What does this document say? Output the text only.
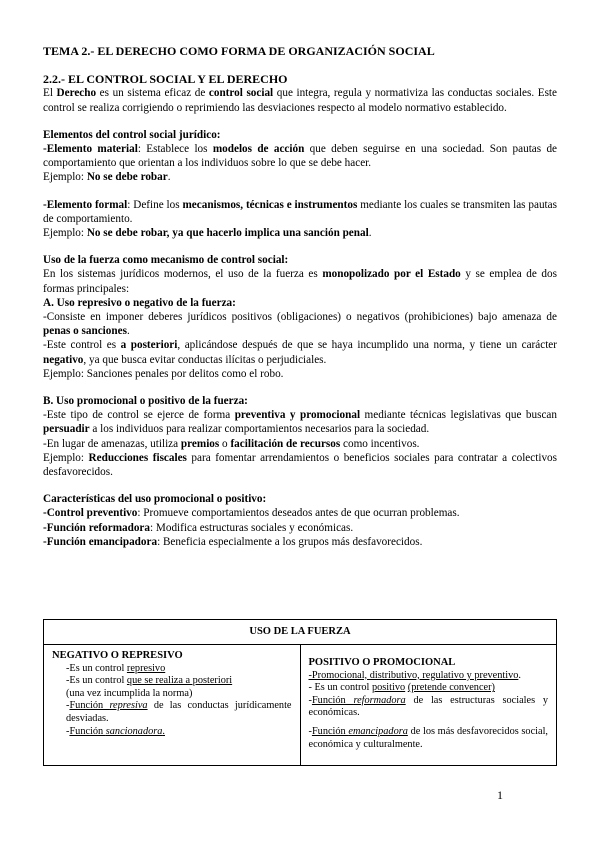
TEMA 2.- EL DERECHO COMO FORMA DE ORGANIZACIÓN SOCIAL
2.2.- EL CONTROL SOCIAL Y EL DERECHO

El Derecho es un sistema eficaz de control social que integra, regula y normativiza las conductas sociales. Este control se realiza corrigiendo o reprimiendo las desviaciones respecto al modelo normativo establecido.

Elementos del control social jurídico:

-Elemento material: Establece los modelos de acción que deben seguirse en una sociedad. Son pautas de comportamiento que orientan a los individuos sobre lo que se debe hacer.

Ejemplo: No se debe robar.

-Elemento formal: Define los mecanismos, técnicas e instrumentos mediante los cuales se transmiten las pautas de comportamiento.

Ejemplo: No se debe robar, ya que hacerlo implica una sanción penal.

Uso de la fuerza como mecanismo de control social:

En los sistemas jurídicos modernos, el uso de la fuerza es monopolizado por el Estado y se emplea de dos formas principales:

A. Uso represivo o negativo de la fuerza:

-Consiste en imponer deberes jurídicos positivos (obligaciones) o negativos (prohibiciones) bajo amenaza de penas o sanciones.

-Este control es a posteriori, aplicándose después de que se haya incumplido una norma, y tiene un carácter negativo, ya que busca evitar conductas ilícitas o perjudiciales.

Ejemplo: Sanciones penales por delitos como el robo.

B. Uso promocional o positivo de la fuerza:

-Este tipo de control se ejerce de forma preventiva y promocional mediante técnicas legislativas que buscan persuadir a los individuos para realizar comportamientos necesarios para la sociedad.

-En lugar de amenazas, utiliza premios o facilitación de recursos como incentivos.

Ejemplo: Reducciones fiscales para fomentar arrendamientos o beneficios sociales para contratar a colectivos desfavorecidos.

Características del uso promocional o positivo:

-Control preventivo: Promueve comportamientos deseados antes de que ocurran problemas.

-Función reformadora: Modifica estructuras sociales y económicas.

-Función emancipadora: Beneficia especialmente a los grupos más desfavorecidos.

USO DE LA FUERZA

NEGATIVO O REPRESIVO
-Es un control represivo
-Es un control que se realiza a posteriori
(una vez incumplida la norma)
-Función represiva de las conductas jurídicamente desviadas.
-Función sancionadora.

POSITIVO O PROMOCIONAL
-Promocional, distributivo, regulativo y preventivo.
- Es un control positivo (pretende convencer)
-Función reformadora de las estructuras sociales y económicas.
-Función emancipadora de los más desfavorecidos social, económica y culturalmente.
1
